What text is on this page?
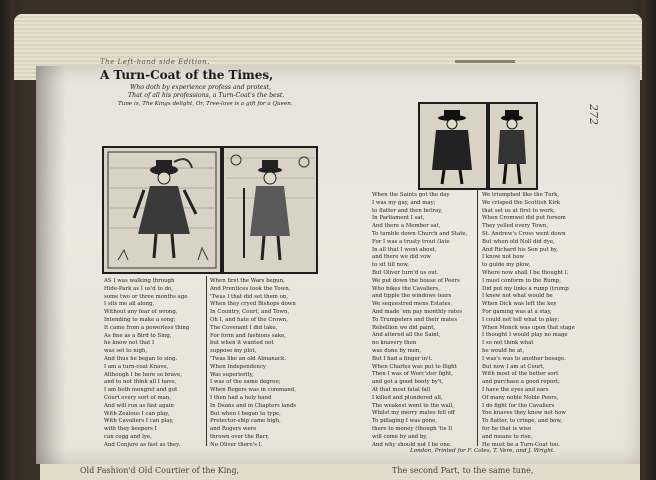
The Left-hand side Edition.
A Turn-Coat of the Times,
Who doth by experience profess and protest,
That of all his professions, a Turn-Coat's the best.
Tune is, The Kings delight, Or, Tree-love is a gift for a Queen.
AS I was walking through
Hide-Park as I us'd to do,
some two or three months ago
I sits me all along,
Without any fear of wrong,
Intending to make a song;
It came from a powerless thing
As fine as a Bird to Sing,
he know not that I
was set to nigh,
And thus he began to sing.
I am a turn-coat Knave,
Although I be here so brave,
and to not think all I have,
I am both mongrel and gut
Court every sort of man,
And will run as fast again
With Zealous I can play,
With Cavaliers I can play,
with they keepers I
can cogg and lye,
And Conjure as fast as they.
When first the Wars begun,
And Prentices took the Town,
'Twas I that did set them on,
When they cryed Bishops down
In Country, Court, and Town,
Oh I, and hate of the Crown,
The Covenant I did take,
For form and fashions sake,
but when it wanted not
suppose my plot,
'Twas like an old Almanack.
When Independency
Was superiority,
I was of the same degree;
When Rogers was in command,
I then had a holy hand
In Deans and in Chapters lands
But when I began to type,
Protector-ship came high,
and Rogers were
thrown over the Barr,
No Oliver there's I.
When the Saints got the day
I was my gay, and may;
to flatter and then betray,
In Parliament I sat,
And there a Member sat,
To tumble down Church and State,
For I was a trusty trout (late
In all that I went about,
and there we did vow
to sit till now,
But Oliver turn'd us out.
We put down the house of Peers
Who bikes the Cavaliers,
and tipple the windows tears
We sequestred mens Estates,
And made 'em pay monthly rates
To Trumpeters and their mates
Rebellion we did paint,
And altered all the Saint,
no knavery then
was done by men,
But I had a finger in't.
When Charles was put to flight
Then I was of Worc'ster fight,
and got a good booty by't,
At that most fatal fall
I killed and plundered all,
The weakest went to the wall,
Whilst my merry mates fell off
To pillaging I was gone,
there to money (though 'tis I)
will come by and by,
And why should not I be one.
We triumphed like the Turk,
We crisped the Scottish Kirk
that set us at first to work,
When Cromwel did put forsom
They yelled every Town,
St. Andrew's Cross went down
But when old Noll did dye,
And Richard his Son put by,
I know not how
to guide my plow,
Where now shall I be thought I.
I must conform to the Rump,
Did put my links a rump (trump
I knew not what would be
When Dick was left the key
For gaming was at a stay,
I could not tell what to play;
When Monck was upon that stage
I thought I would play no mage
I so not think what
he would be at,
I was's was to another besage.
But now I am at Court,
With most of the better sort
and purchase a good report;
I have the eyes and ears
Of many noble Noble Peers,
I do fight for the Cavaliers
You knaves they know not how
To flatter, to cringe, and bow,
for he that is wise
and means to rise,
He must be a Turn-Coat too.
272
London, Printed for F. Coles, T. Vere, and J. Wright.
Old Fashion'd Old Courtier of the King,	The second Part, to the same tune,
